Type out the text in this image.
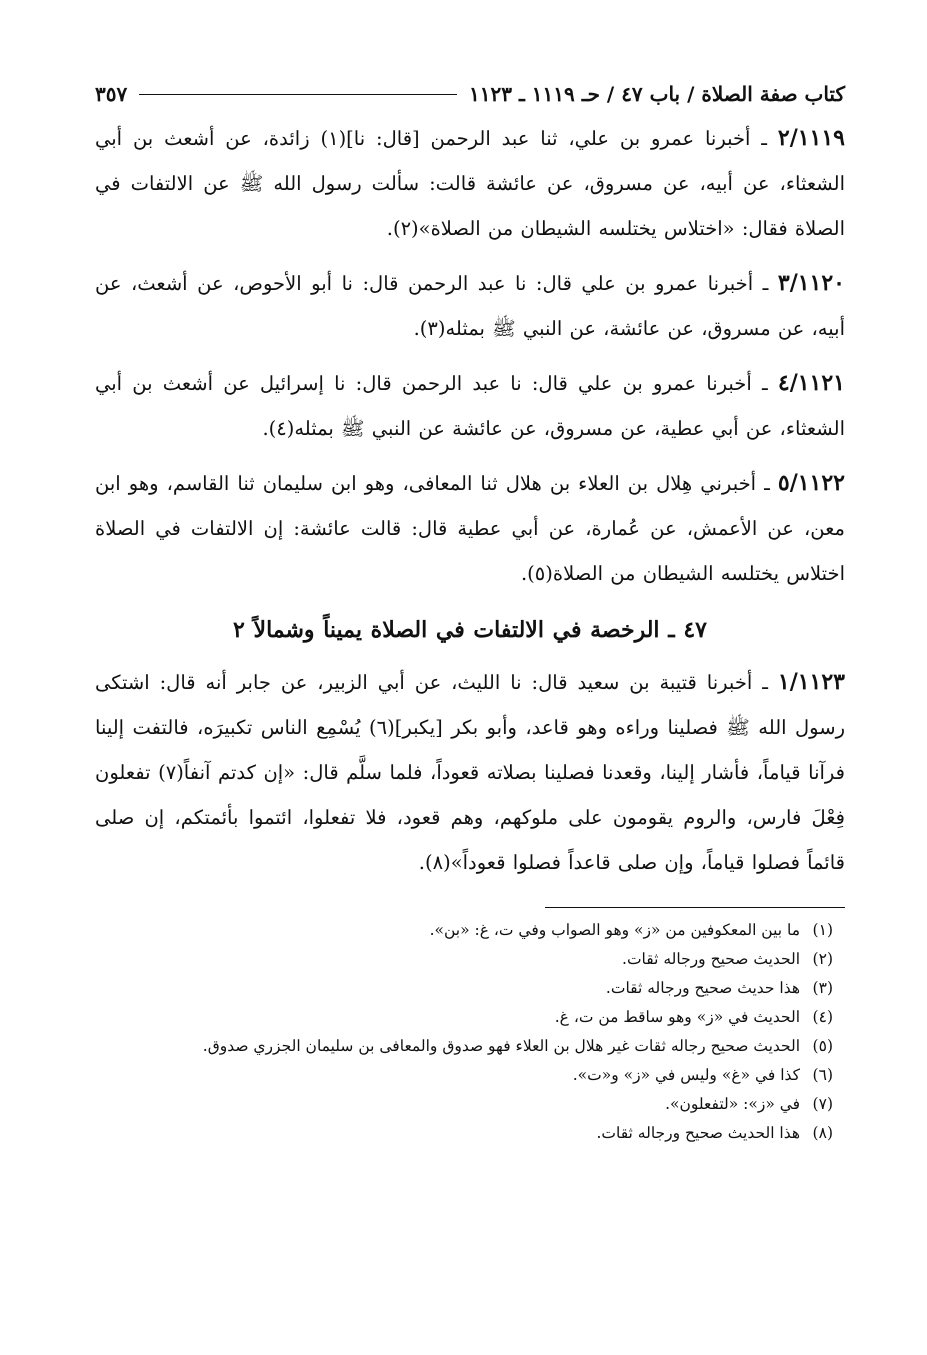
كتاب صفة الصلاة / باب ٤٧ / حـ ١١١٩ ـ ١١٢٣
٣٥٧

٢/١١١٩ ـ أخبرنا عمرو بن علي، ثنا عبد الرحمن [قال: نا](١) زائدة، عن أشعث بن أبي الشعثاء، عن أبيه، عن مسروق، عن عائشة قالت: سألت رسول الله ﷺ عن الالتفات في الصلاة فقال: «اختلاس يختلسه الشيطان من الصلاة»(٢).

٣/١١٢٠ ـ أخبرنا عمرو بن علي قال: نا عبد الرحمن قال: نا أبو الأحوص، عن أشعث، عن أبيه، عن مسروق، عن عائشة، عن النبي ﷺ بمثله(٣).

٤/١١٢١ ـ أخبرنا عمرو بن علي قال: نا عبد الرحمن قال: نا إسرائيل عن أشعث بن أبي الشعثاء، عن أبي عطية، عن مسروق، عن عائشة عن النبي ﷺ بمثله(٤).

٥/١١٢٢ ـ أخبرني هِلال بن العلاء بن هلال ثنا المعافى، وهو ابن سليمان ثنا القاسم، وهو ابن معن، عن الأعمش، عن عُمارة، عن أبي عطية قال: قالت عائشة: إن الالتفات في الصلاة اختلاس يختلسه الشيطان من الصلاة(٥).

٤٧ ـ الرخصة في الالتفات في الصلاة يميناً وشمالاً ٢

١/١١٢٣ ـ أخبرنا قتيبة بن سعيد قال: نا الليث، عن أبي الزبير، عن جابر أنه قال: اشتكى رسول الله ﷺ فصلينا وراءه وهو قاعد، وأبو بكر [يكبر](٦) يُسْمِع الناس تكبيرَه، فالتفت إلينا فرآنا قياماً، فأشار إلينا، وقعدنا فصلينا بصلاته قعوداً، فلما سلَّم قال: «إن كدتم آنفاً(٧) تفعلون فِعْلَ فارس، والروم يقومون على ملوكهم، وهم قعود، فلا تفعلوا، ائتموا بأئمتكم، إن صلى قائماً فصلوا قياماً، وإن صلى قاعداً فصلوا قعوداً»(٨).

(١) ما بين المعكوفين من «ز» وهو الصواب وفي ت، غ: «بن».
(٢) الحديث صحيح ورجاله ثقات.
(٣) هذا حديث صحيح ورجاله ثقات.
(٤) الحديث في «ز» وهو ساقط من ت، غ.
(٥) الحديث صحيح رجاله ثقات غير هلال بن العلاء فهو صدوق والمعافى بن سليمان الجزري صدوق.
(٦) كذا في «غ» وليس في «ز» و«ت».
(٧) في «ز»: «لتفعلون».
(٨) هذا الحديث صحيح ورجاله ثقات.
